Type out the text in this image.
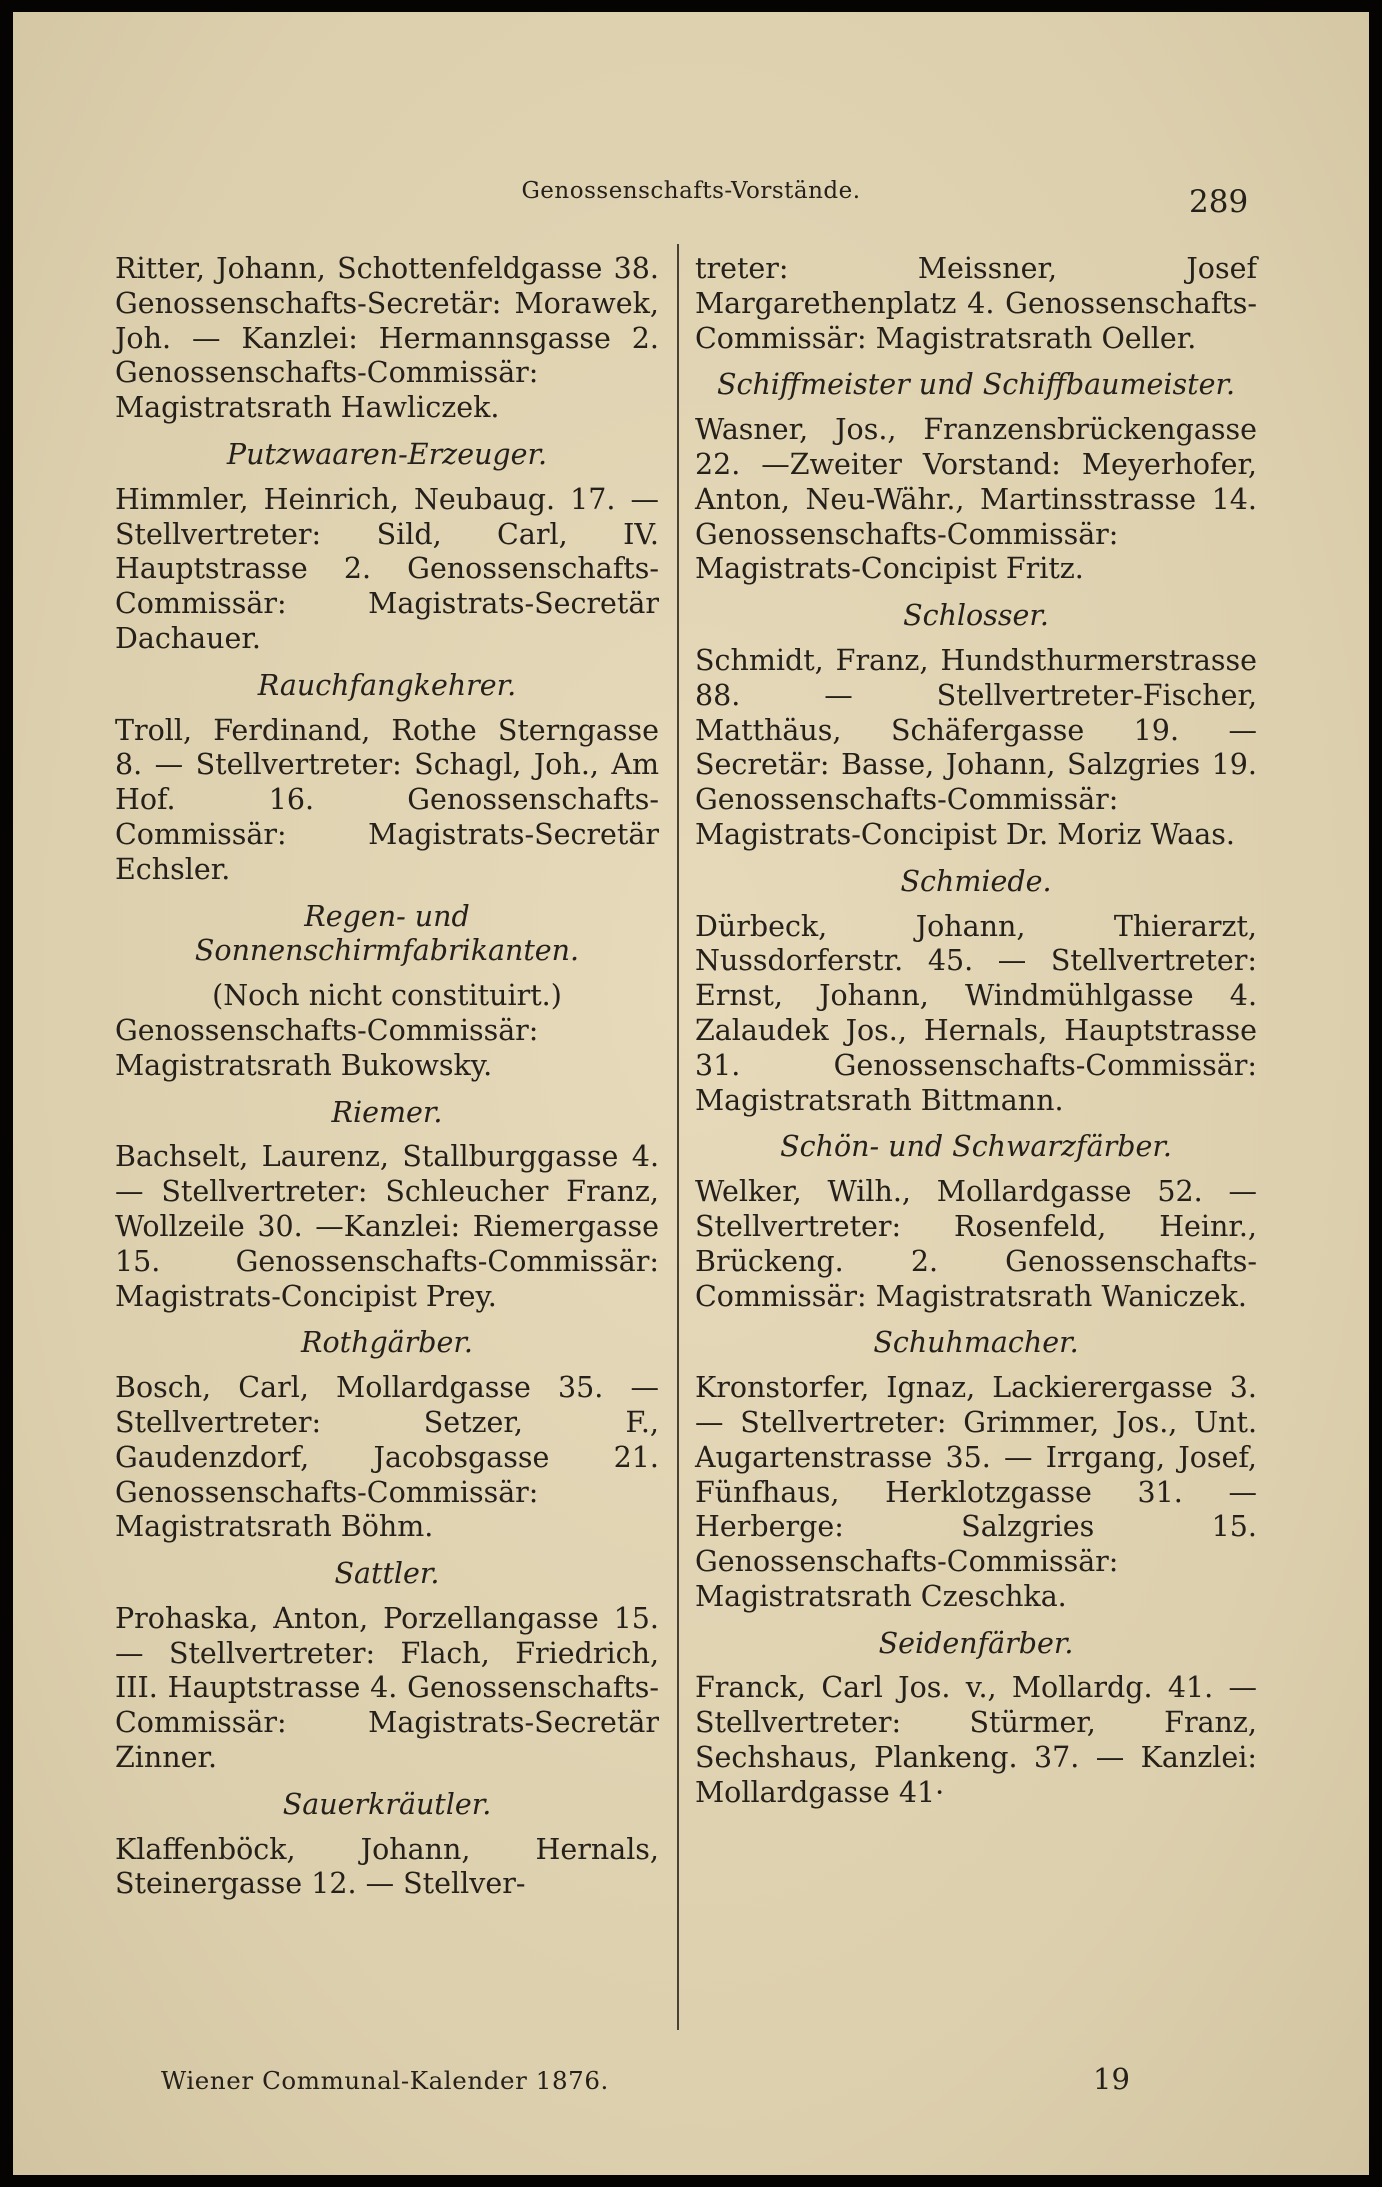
Genossenschafts-Vorstände.	289

Ritter, Johann, Schottenfeldgasse 38. Genossenschafts-Secretär: Morawek, Joh. — Kanzlei: Hermannsgasse 2. Genossenschafts-Commissär: Magistratsrath Hawliczek.

Putzwaaren-Erzeuger.

Himmler, Heinrich, Neubaug. 17. — Stellvertreter: Sild, Carl, IV. Hauptstrasse 2. Genossenschafts-Commissär: Magistrats-Secretär Dachauer.

Rauchfangkehrer.

Troll, Ferdinand, Rothe Sterngasse 8. — Stellvertreter: Schagl, Joh., Am Hof. 16. Genossenschafts-Commissär: Magistrats-Secretär Echsler.

Regen- und Sonnenschirmfabrikanten.

(Noch nicht constituirt.)

Genossenschafts-Commissär: Magistratsrath Bukowsky.

Riemer.

Bachselt, Laurenz, Stallburggasse 4. — Stellvertreter: Schleucher Franz, Wollzeile 30. —Kanzlei: Riemergasse 15. Genossenschafts-Commissär: Magistrats-Concipist Prey.

Rothgärber.

Bosch, Carl, Mollardgasse 35. — Stellvertreter: Setzer, F., Gaudenzdorf, Jacobsgasse 21. Genossenschafts-Commissär: Magistratsrath Böhm.

Sattler.

Prohaska, Anton, Porzellangasse 15. — Stellvertreter: Flach, Friedrich, III. Hauptstrasse 4. Genossenschafts-Commissär: Magistrats-Secretär Zinner.

Sauerkräutler.

Klaffenböck, Johann, Hernals, Steinergasse 12. — Stellver-

treter: Meissner, Josef Margarethenplatz 4. Genossenschafts-Commissär: Magistratsrath Oeller.

Schiffmeister und Schiffbaumeister.

Wasner, Jos., Franzensbrückengasse 22. —Zweiter Vorstand: Meyerhofer, Anton, Neu-Währ., Martinsstrasse 14. Genossenschafts-Commissär: Magistrats-Concipist Fritz.

Schlosser.

Schmidt, Franz, Hundsthurmerstrasse 88. — Stellvertreter-Fischer, Matthäus, Schäfergasse 19. — Secretär: Basse, Johann, Salzgries 19. Genossenschafts-Commissär: Magistrats-Concipist Dr. Moriz Waas.

Schmiede.

Dürbeck, Johann, Thierarzt, Nussdorferstr. 45. — Stellvertreter: Ernst, Johann, Windmühlgasse 4. Zalaudek Jos., Hernals, Hauptstrasse 31. Genossenschafts-Commissär: Magistratsrath Bittmann.

Schön- und Schwarzfärber.

Welker, Wilh., Mollardgasse 52. — Stellvertreter: Rosenfeld, Heinr., Brückeng. 2. Genossenschafts-Commissär: Magistratsrath Waniczek.

Schuhmacher.

Kronstorfer, Ignaz, Lackierergasse 3. — Stellvertreter: Grimmer, Jos., Unt. Augartenstrasse 35. — Irrgang, Josef, Fünfhaus, Herklotzgasse 31. — Herberge: Salzgries 15. Genossenschafts-Commissär: Magistratsrath Czeschka.

Seidenfärber.

Franck, Carl Jos. v., Mollardg. 41. — Stellvertreter: Stürmer, Franz, Sechshaus, Plankeng. 37. — Kanzlei: Mollardgasse 41·

Wiener Communal-Kalender 1876.	19
